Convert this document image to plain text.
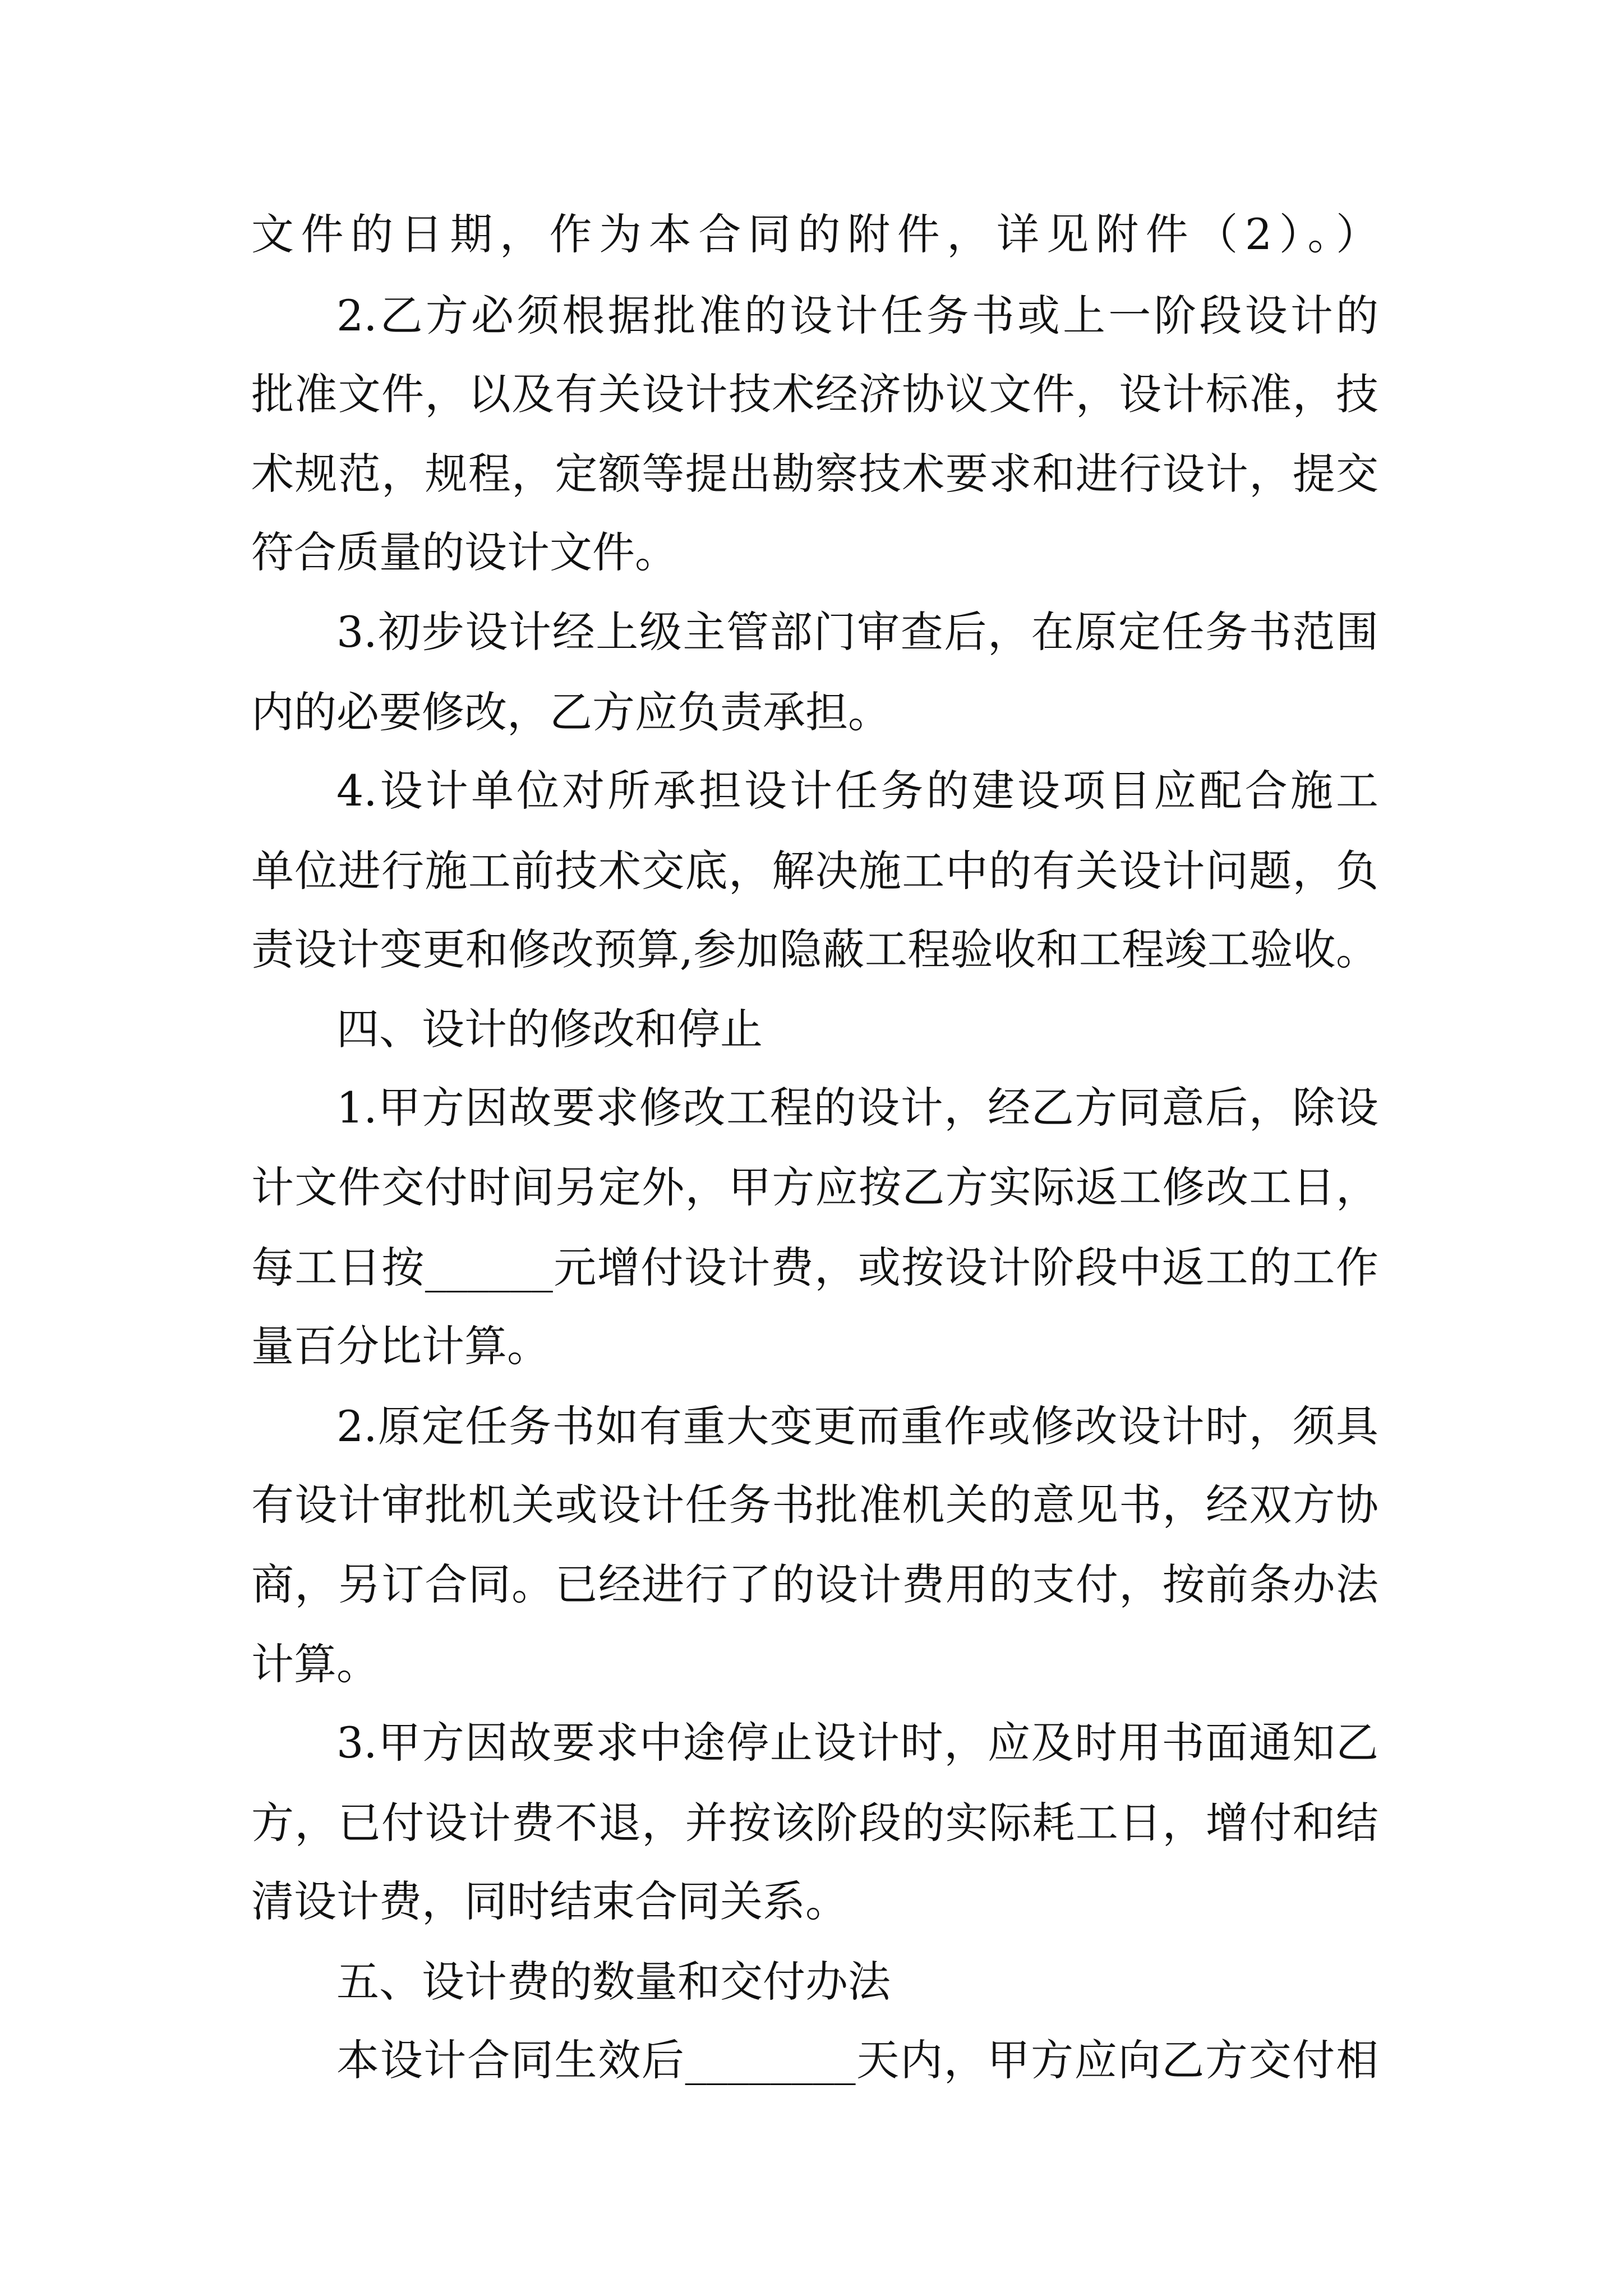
文件的日期，作为本合同的附件，详见附件（2）。）
2.乙方必须根据批准的设计任务书或上一阶段设计的
批准文件，以及有关设计技术经济协议文件，设计标准，技
术规范，规程，定额等提出勘察技术要求和进行设计，提交
符合质量的设计文件。
3.初步设计经上级主管部门审查后，在原定任务书范围
内的必要修改，乙方应负责承担。
4.设计单位对所承担设计任务的建设项目应配合施工
单位进行施工前技术交底，解决施工中的有关设计问题，负
责设计变更和修改预算,参加隐蔽工程验收和工程竣工验收。
四、设计的修改和停止
1.甲方因故要求修改工程的设计，经乙方同意后，除设
计文件交付时间另定外，甲方应按乙方实际返工修改工日，
每工日按______元增付设计费，或按设计阶段中返工的工作
量百分比计算。
2.原定任务书如有重大变更而重作或修改设计时，须具
有设计审批机关或设计任务书批准机关的意见书，经双方协
商，另订合同。已经进行了的设计费用的支付，按前条办法
计算。
3.甲方因故要求中途停止设计时，应及时用书面通知乙
方，已付设计费不退，并按该阶段的实际耗工日，增付和结
清设计费，同时结束合同关系。
五、设计费的数量和交付办法
本设计合同生效后________天内，甲方应向乙方交付相
